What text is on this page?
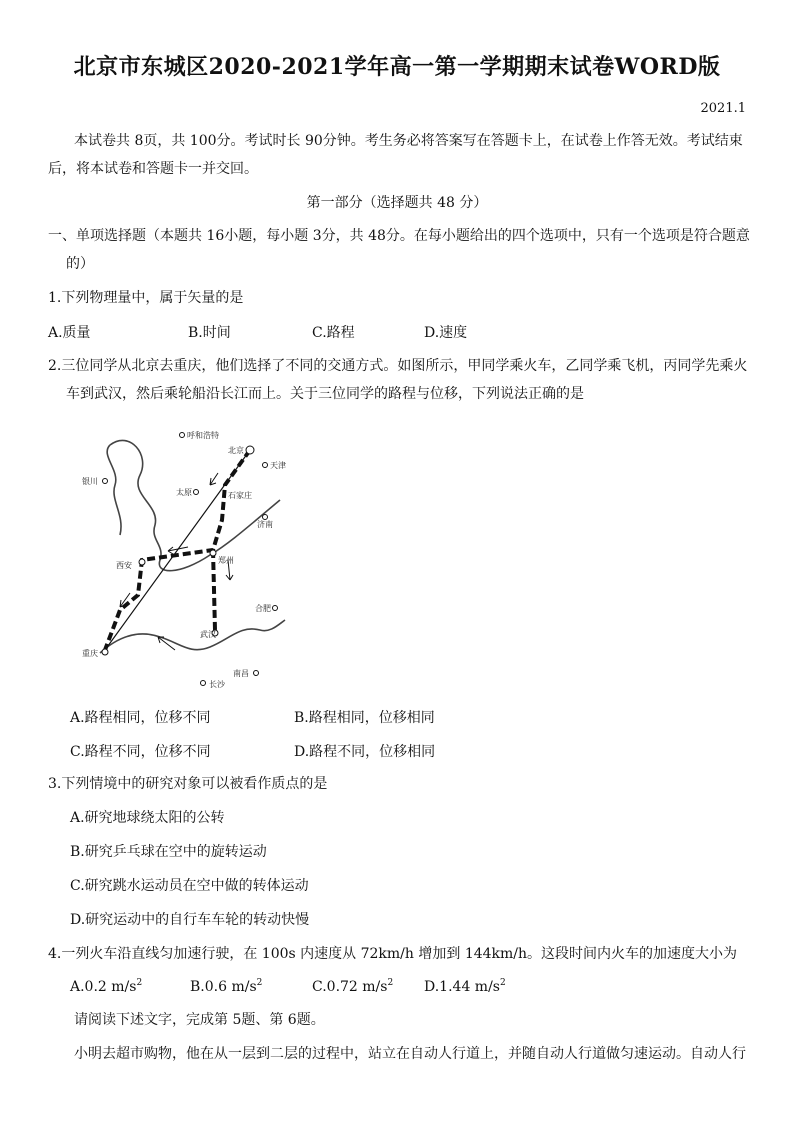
北京市东城区2020-2021学年高一第一学期期末试卷WORD版
2021.1
本试卷共 8页，共 100分。考试时长 90分钟。考生务必将答案写在答题卡上，在试卷上作答无效。考试结束
后，将本试卷和答题卡一并交回。
第一部分（选择题共 48 分）
一、单项选择题（本题共 16小题，每小题 3分，共 48分。在每小题给出的四个选项中，只有一个选项是符合题意
的）
1.下列物理量中，属于矢量的是
A.质量	B.时间	C.路程	D.速度
2.三位同学从北京去重庆，他们选择了不同的交通方式。如图所示，甲同学乘火车，乙同学乘飞机，丙同学先乘火
车到武汉，然后乘轮船沿长江而上。关于三位同学的路程与位移，下列说法正确的是
呼和浩特
北京
天津
银川
太原	石家庄
济南
西安
郑州
合肥
武汉
重庆
南昌
长沙
A.路程相同，位移不同	B.路程相同，位移相同
C.路程不同，位移不同	D.路程不同，位移相同
3.下列情境中的研究对象可以被看作质点的是
A.研究地球绕太阳的公转
B.研究乒乓球在空中的旋转运动
C.研究跳水运动员在空中做的转体运动
D.研究运动中的自行车车轮的转动快慢
4.一列火车沿直线匀加速行驶，在 100s 内速度从 72km/h 增加到 144km/h。这段时间内火车的加速度大小为
A.0.2 m/s2	B.0.6 m/s2	C.0.72 m/s2	D.1.44 m/s2
请阅读下述文字，完成第 5题、第 6题。
小明去超市购物，他在从一层到二层的过程中，站立在自动人行道上，并随自动人行道做匀速运动。自动人行
